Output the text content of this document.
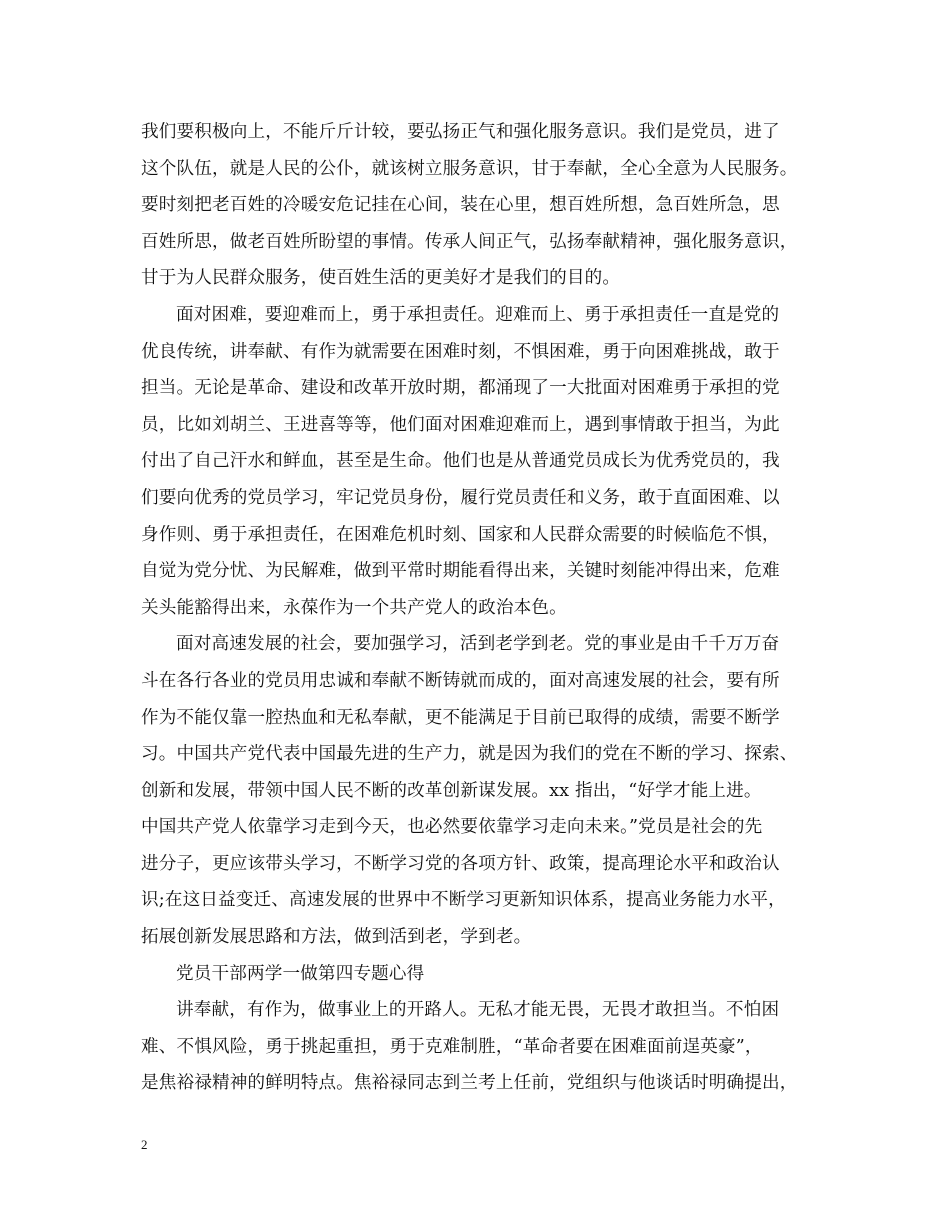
我们要积极向上，不能斤斤计较，要弘扬正气和强化服务意识。我们是党员，进了
这个队伍，就是人民的公仆，就该树立服务意识，甘于奉献，全心全意为人民服务。
要时刻把老百姓的冷暖安危记挂在心间，装在心里，想百姓所想，急百姓所急，思
百姓所思，做老百姓所盼望的事情。传承人间正气，弘扬奉献精神，强化服务意识，
甘于为人民群众服务，使百姓生活的更美好才是我们的目的。
面对困难，要迎难而上，勇于承担责任。迎难而上、勇于承担责任一直是党的
优良传统，讲奉献、有作为就需要在困难时刻，不惧困难，勇于向困难挑战，敢于
担当。无论是革命、建设和改革开放时期，都涌现了一大批面对困难勇于承担的党
员，比如刘胡兰、王进喜等等，他们面对困难迎难而上，遇到事情敢于担当，为此
付出了自己汗水和鲜血，甚至是生命。他们也是从普通党员成长为优秀党员的，我
们要向优秀的党员学习，牢记党员身份，履行党员责任和义务，敢于直面困难、以
身作则、勇于承担责任，在困难危机时刻、国家和人民群众需要的时候临危不惧，
自觉为党分忧、为民解难，做到平常时期能看得出来，关键时刻能冲得出来，危难
关头能豁得出来，永葆作为一个共产党人的政治本色。
面对高速发展的社会，要加强学习，活到老学到老。党的事业是由千千万万奋
斗在各行各业的党员用忠诚和奉献不断铸就而成的，面对高速发展的社会，要有所
作为不能仅靠一腔热血和无私奉献，更不能满足于目前已取得的成绩，需要不断学
习。中国共产党代表中国最先进的生产力，就是因为我们的党在不断的学习、探索、
创新和发展，带领中国人民不断的改革创新谋发展。xx 指出，“好学才能上进。
中国共产党人依靠学习走到今天，也必然要依靠学习走向未来。”党员是社会的先
进分子，更应该带头学习，不断学习党的各项方针、政策，提高理论水平和政治认
识;在这日益变迁、高速发展的世界中不断学习更新知识体系，提高业务能力水平，
拓展创新发展思路和方法，做到活到老，学到老。
党员干部两学一做第四专题心得
讲奉献，有作为，做事业上的开路人。无私才能无畏，无畏才敢担当。不怕困
难、不惧风险，勇于挑起重担，勇于克难制胜，“革命者要在困难面前逞英豪”，
是焦裕禄精神的鲜明特点。焦裕禄同志到兰考上任前，党组织与他谈话时明确提出，
2
